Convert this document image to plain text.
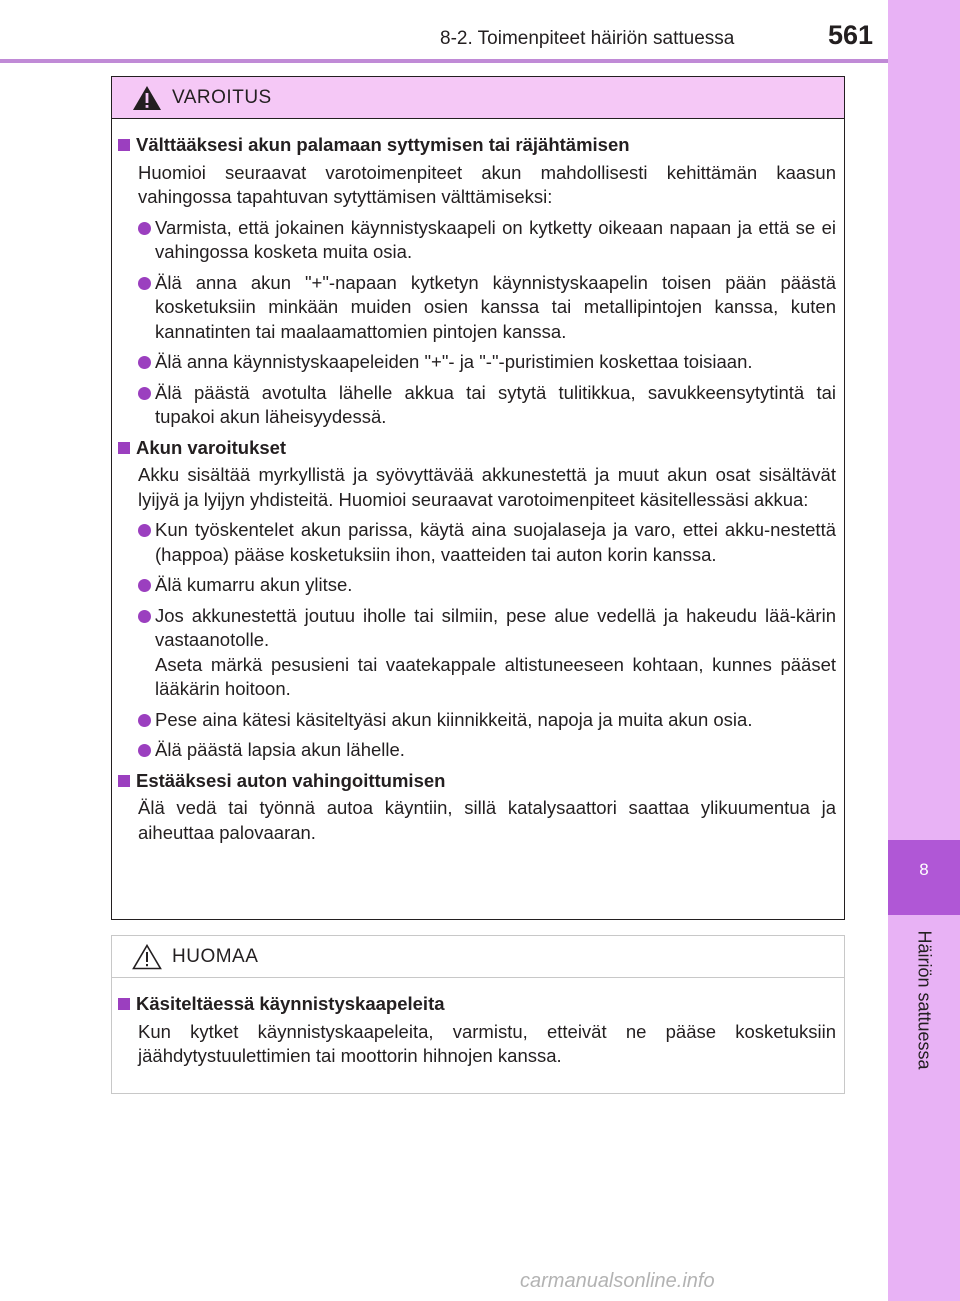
8-2. Toimenpiteet häiriön sattuessa	561
8
Häiriön sattuessa
VAROITUS
Välttääksesi akun palamaan syttymisen tai räjähtämisen
Huomioi seuraavat varotoimenpiteet akun mahdollisesti kehittämän kaasun vahingossa tapahtuvan sytyttämisen välttämiseksi:
Varmista, että jokainen käynnistyskaapeli on kytketty oikeaan napaan ja että se ei vahingossa kosketa muita osia.
Älä anna akun "+"-napaan kytketyn käynnistyskaapelin toisen pään päästä kosketuksiin minkään muiden osien kanssa tai metallipintojen kanssa, kuten kannatinten tai maalaamattomien pintojen kanssa.
Älä anna käynnistyskaapeleiden "+"- ja "-"-puristimien koskettaa toisiaan.
Älä päästä avotulta lähelle akkua tai sytytä tulitikkua, savukkeensytytintä tai tupakoi akun läheisyydessä.
Akun varoitukset
Akku sisältää myrkyllistä ja syövyttävää akkunestettä ja muut akun osat sisältävät lyijyä ja lyijyn yhdisteitä. Huomioi seuraavat varotoimenpiteet käsitellessäsi akkua:
Kun työskentelet akun parissa, käytä aina suojalaseja ja varo, ettei akku-nestettä (happoa) pääse kosketuksiin ihon, vaatteiden tai auton korin kanssa.
Älä kumarru akun ylitse.
Jos akkunestettä joutuu iholle tai silmiin, pese alue vedellä ja hakeudu lää-kärin vastaanotolle.
Aseta märkä pesusieni tai vaatekappale altistuneeseen kohtaan, kunnes pääset lääkärin hoitoon.
Pese aina kätesi käsiteltyäsi akun kiinnikkeitä, napoja ja muita akun osia.
Älä päästä lapsia akun lähelle.
Estääksesi auton vahingoittumisen
Älä vedä tai työnnä autoa käyntiin, sillä katalysaattori saattaa ylikuumentua ja aiheuttaa palovaaran.
HUOMAA
Käsiteltäessä käynnistyskaapeleita
Kun kytket käynnistyskaapeleita, varmistu, etteivät ne pääse kosketuksiin jäähdytystuulettimien tai moottorin hihnojen kanssa.
carmanualsonline.info
